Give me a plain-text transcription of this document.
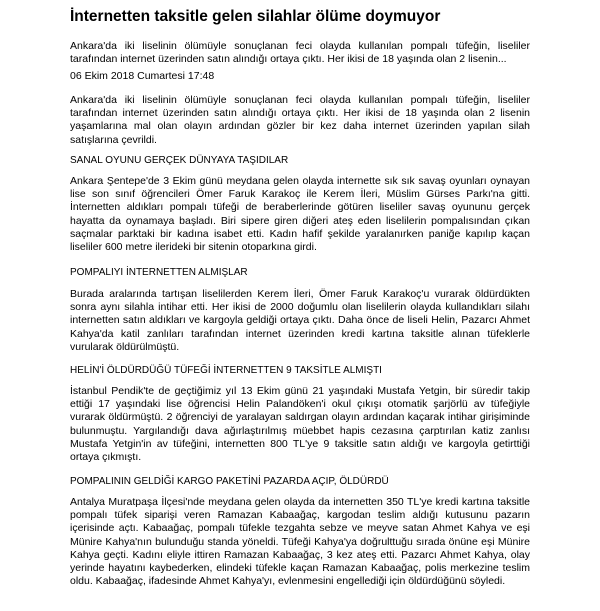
İnternetten taksitle gelen silahlar ölüme doymuyor
Ankara'da iki liselinin ölümüyle sonuçlanan feci olayda kullanılan pompalı tüfeğin, liseliler tarafından internet üzerinden satın alındığı ortaya çıktı. Her ikisi de 18 yaşında olan 2 lisenin...
06 Ekim 2018 Cumartesi 17:48
Ankara'da iki liselinin ölümüyle sonuçlanan feci olayda kullanılan pompalı tüfeğin, liseliler tarafından internet üzerinden satın alındığı ortaya çıktı. Her ikisi de 18 yaşında olan 2 lisenin yaşamlarına mal olan olayın ardından gözler bir kez daha internet üzerinden yapılan silah satışlarına çevrildi.
SANAL OYUNU GERÇEK DÜNYAYA TAŞIDILAR
Ankara Şentepe'de 3 Ekim günü meydana gelen olayda internette sık sık savaş oyunları oynayan lise son sınıf öğrencileri Ömer Faruk Karakoç ile Kerem İleri, Müslim Gürses Parkı'na gitti. İnternetten aldıkları pompalı tüfeği de beraberlerinde götüren liseliler savaş oyununu gerçek hayatta da oynamaya başladı. Biri sipere giren diğeri ateş eden liselilerin pompalısından çıkan saçmalar parktaki bir kadına isabet etti. Kadın hafif şekilde yaralanırken paniğe kapılıp kaçan liseliler 600 metre ilerideki bir sitenin otoparkına girdi.
POMPALIYI İNTERNETTEN ALMIŞLAR
Burada aralarında tartışan liselilerden Kerem İleri, Ömer Faruk Karakoç'u vurarak öldürdükten sonra aynı silahla intihar etti. Her ikisi de 2000 doğumlu olan liselilerin olayda kullandıkları silahı internetten satın aldıkları ve kargoyla geldiği ortaya çıktı. Daha önce de liseli Helin, Pazarcı Ahmet Kahya'da katil zanlıları tarafından internet üzerinden kredi kartına taksitle alınan tüfeklerle vurularak öldürülmüştü.
HELİN'İ ÖLDÜRDÜĞÜ TÜFEĞİ İNTERNETTEN 9 TAKSİTLE ALMIŞTI
İstanbul Pendik'te de geçtiğimiz yıl 13 Ekim günü 21 yaşındaki Mustafa Yetgin, bir süredir takip ettiği 17 yaşındaki lise öğrencisi Helin Palandöken'i okul çıkışı otomatik şarjörlü av tüfeğiyle vurarak öldürmüştü. 2 öğrenciyi de yaralayan saldırgan olayın ardından kaçarak intihar girişiminde bulunmuştu. Yargılandığı dava ağırlaştırılmış müebbet hapis cezasına çarptırılan katiz zanlısı Mustafa Yetgin'in av tüfeğini, internetten 800 TL'ye 9 taksitle satın aldığı ve kargoyla getirttiği ortaya çıkmıştı.
POMPALININ GELDİĞİ KARGO PAKETİNİ PAZARDA AÇIP, ÖLDÜRDÜ
Antalya Muratpaşa İlçesi'nde meydana gelen olayda da internetten 350 TL'ye kredi kartına taksitle pompalı tüfek siparişi veren Ramazan Kabaağaç, kargodan teslim aldığı kutusunu pazarın içerisinde açtı. Kabaağaç, pompalı tüfekle tezgahta sebze ve meyve satan Ahmet Kahya ve eşi Münire Kahya'nın bulunduğu standa yöneldi. Tüfeği Kahya'ya doğrulttuğu sırada önüne eşi Münire Kahya geçti. Kadını eliyle ittiren Ramazan Kabaağaç, 3 kez ateş etti. Pazarcı Ahmet Kahya, olay yerinde hayatını kaybederken, elindeki tüfekle kaçan Ramazan Kabaağaç, polis merkezine teslim oldu. Kabaağaç, ifadesinde Ahmet Kahya'yı, evlenmesini engellediği için öldürdüğünü söyledi.
